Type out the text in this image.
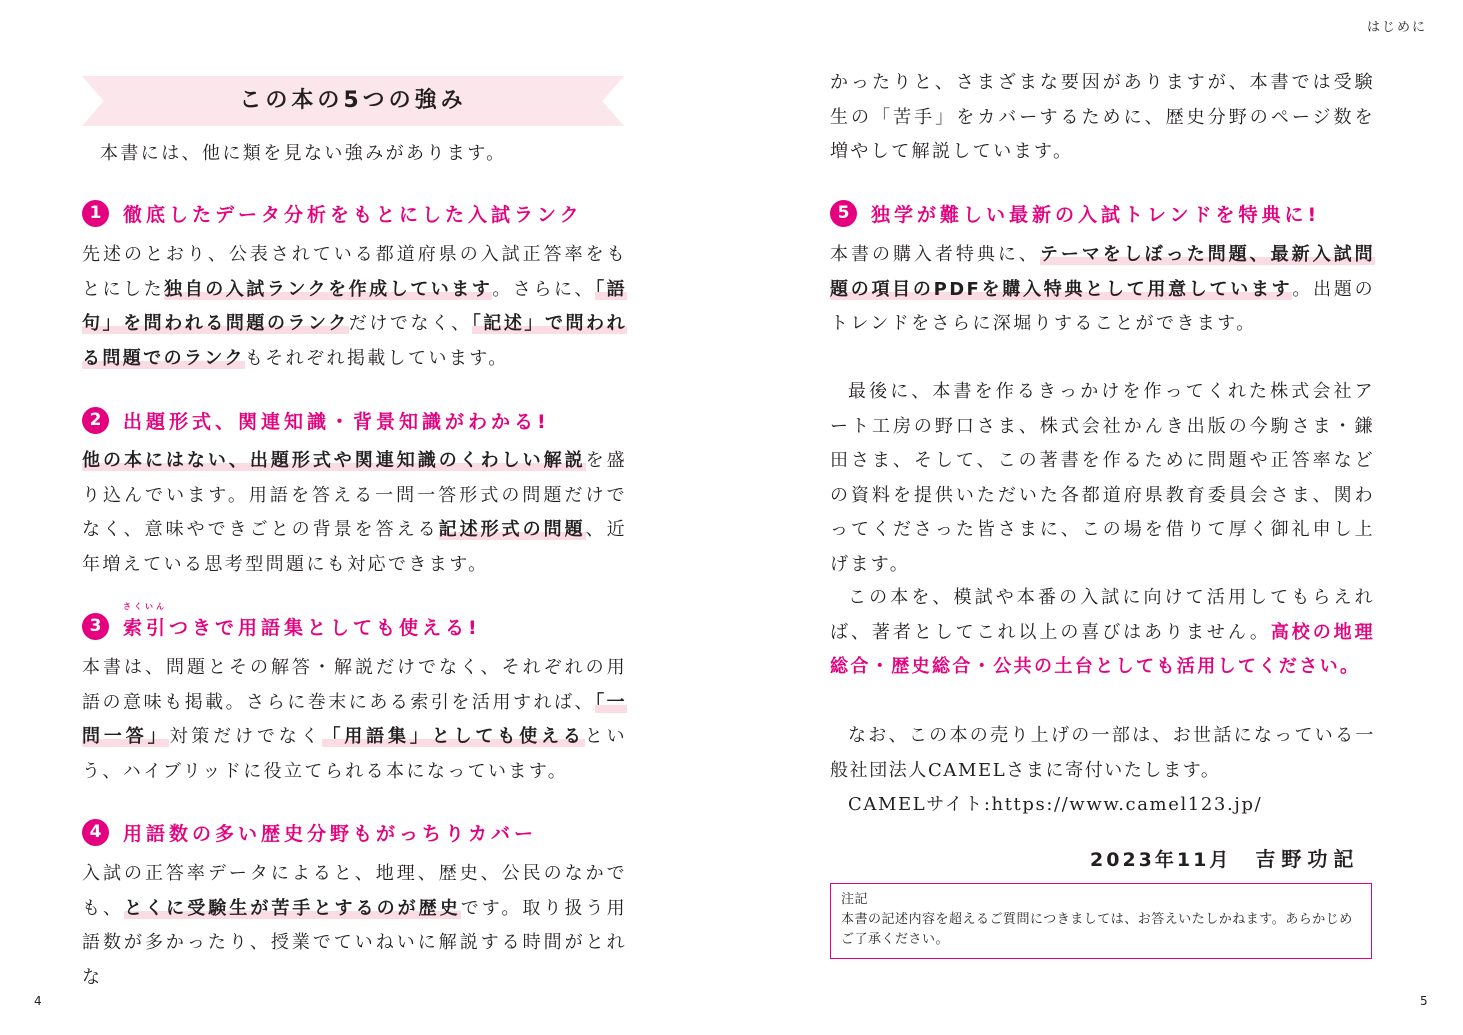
はじめに
4	5
この本の5つの強み

本書には、他に類を見ない強みがあります。

1	徹底したデータ分析をもとにした入試ランク

先述のとおり、公表されている都道府県の入試正答率をもとにした独自の入試ランクを作成しています。さらに、「語句」を問われる問題のランクだけでなく、「記述」で問われる問題でのランクもそれぞれ掲載しています。

2	出題形式、関連知識・背景知識がわかる!

他の本にはない、出題形式や関連知識のくわしい解説を盛り込んでいます。用語を答える一問一答形式の問題だけでなく、意味やできごとの背景を答える記述形式の問題、近年増えている思考型問題にも対応できます。

3
さくいん
索引つきで用語集としても使える!

本書は、問題とその解答・解説だけでなく、それぞれの用語の意味も掲載。さらに巻末にある索引を活用すれば、「一問一答」対策だけでなく「用語集」としても使えるという、ハイブリッドに役立てられる本になっています。

4	用語数の多い歴史分野もがっちりカバー

入試の正答率データによると、地理、歴史、公民のなかでも、とくに受験生が苦手とするのが歴史です。取り扱う用語数が多かったり、授業でていねいに解説する時間がとれな

かったりと、さまざまな要因がありますが、本書では受験生の「苦手」をカバーするために、歴史分野のページ数を増やして解説しています。

5	独学が難しい最新の入試トレンドを特典に!

本書の購入者特典に、テーマをしぼった問題、最新入試問題の項目のPDFを購入特典として用意しています。出題のトレンドをさらに深堀りすることができます。

最後に、本書を作るきっかけを作ってくれた株式会社アート工房の野口さま、株式会社かんき出版の今駒さま・鎌田さま、そして、この著書を作るために問題や正答率などの資料を提供いただいた各都道府県教育委員会さま、関わってくださった皆さまに、この場を借りて厚く御礼申し上げます。

この本を、模試や本番の入試に向けて活用してもらえれば、著者としてこれ以上の喜びはありません。高校の地理総合・歴史総合・公共の土台としても活用してください。

なお、この本の売り上げの一部は、お世話になっている一般社団法人CAMELさまに寄付いたします。

CAMELサイト:https://www.camel123.jp/

2023年11月 吉野功記
注記
本書の記述内容を超えるご質問につきましては、お答えいたしかねます。あらかじめご了承ください。
